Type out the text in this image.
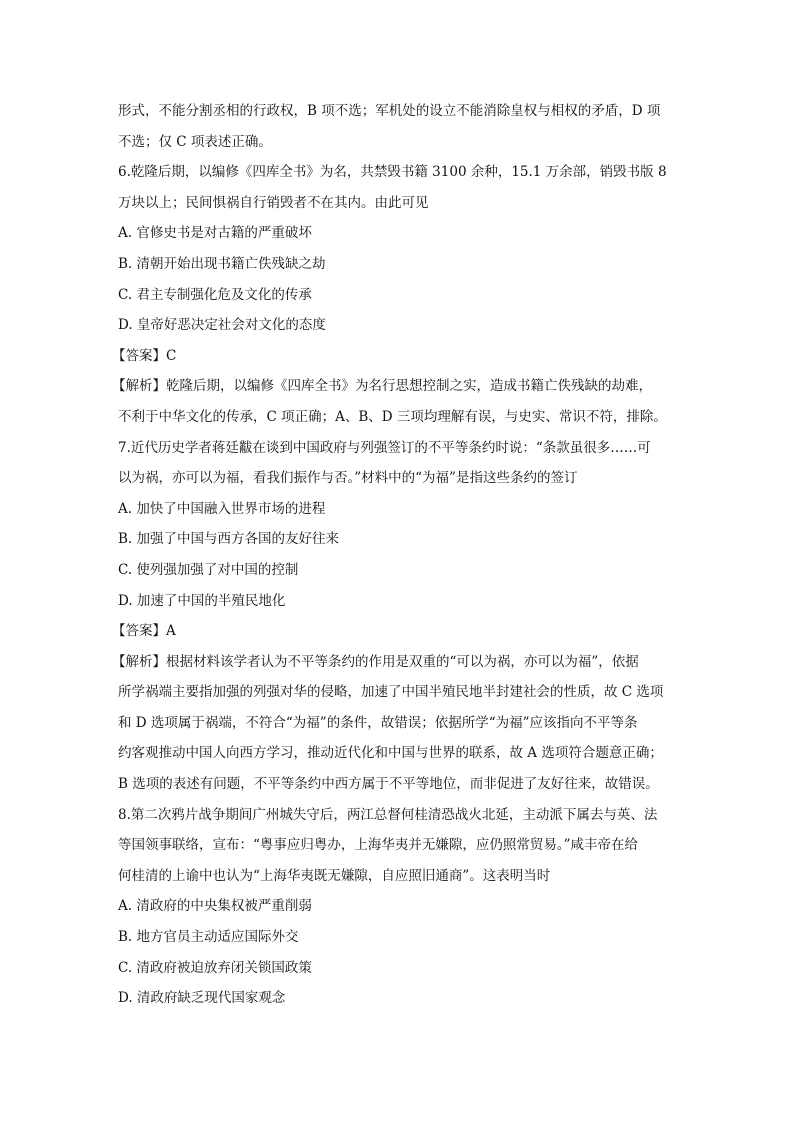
形式，不能分割丞相的行政权，B 项不选；军机处的设立不能消除皇权与相权的矛盾，D 项
不选；仅 C 项表述正确。
6.乾隆后期，以编修《四库全书》为名，共禁毁书籍 3100 余种，15.1 万余部，销毁书版 8
万块以上；民间惧祸自行销毁者不在其内。由此可见
A. 官修史书是对古籍的严重破坏
B. 清朝开始出现书籍亡佚残缺之劫
C. 君主专制强化危及文化的传承
D. 皇帝好恶决定社会对文化的态度
【答案】C
【解析】乾隆后期，以编修《四库全书》为名行思想控制之实，造成书籍亡佚残缺的劫难，
不利于中华文化的传承，C 项正确；A、B、D 三项均理解有误，与史实、常识不符，排除。
7.近代历史学者蒋廷黻在谈到中国政府与列强签订的不平等条约时说：“条款虽很多……可
以为祸，亦可以为福，看我们振作与否。”材料中的“为福”是指这些条约的签订
A. 加快了中国融入世界市场的进程
B. 加强了中国与西方各国的友好往来
C. 使列强加强了对中国的控制
D. 加速了中国的半殖民地化
【答案】A
【解析】根据材料该学者认为不平等条约的作用是双重的“可以为祸，亦可以为福”，依据
所学祸端主要指加强的列强对华的侵略，加速了中国半殖民地半封建社会的性质，故 C 选项
和 D 选项属于祸端，不符合“为福”的条件，故错误；依据所学“为福”应该指向不平等条
约客观推动中国人向西方学习，推动近代化和中国与世界的联系，故 A 选项符合题意正确；
B 选项的表述有问题，不平等条约中西方属于不平等地位，而非促进了友好往来，故错误。
8.第二次鸦片战争期间广州城失守后，两江总督何桂清恐战火北延，主动派下属去与英、法
等国领事联络，宣布：“粤事应归粤办，上海华夷并无嫌隙，应仍照常贸易。”咸丰帝在给
何桂清的上谕中也认为“上海华夷既无嫌隙，自应照旧通商”。这表明当时
A. 清政府的中央集权被严重削弱
B. 地方官员主动适应国际外交
C. 清政府被迫放弃闭关锁国政策
D. 清政府缺乏现代国家观念
